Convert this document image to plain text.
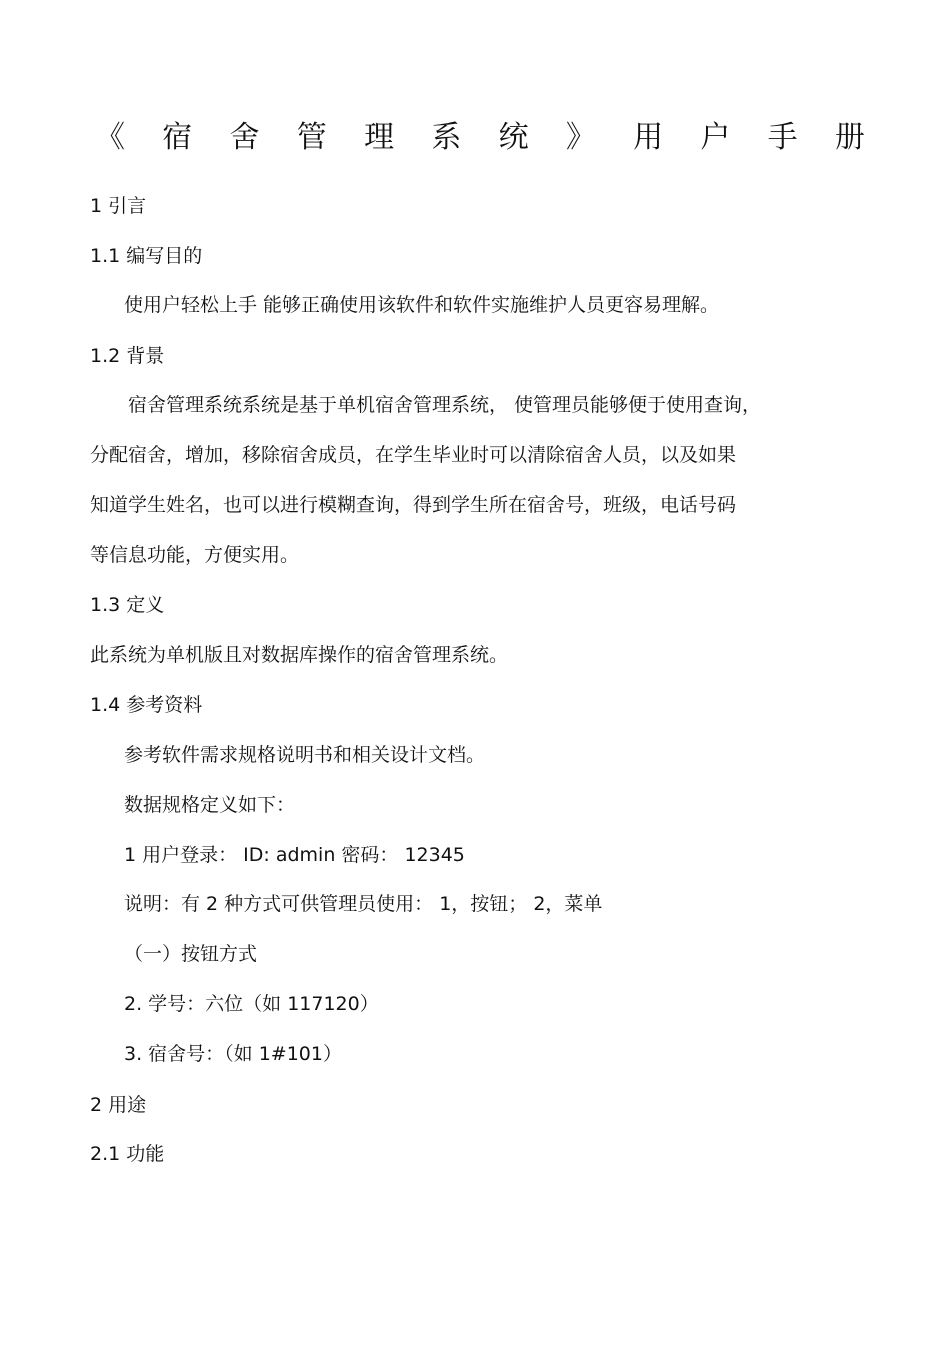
《 宿 舍 管 理 系 统 》 用 户 手 册
1 引言
1.1 编写目的
使用户轻松上手 能够正确使用该软件和软件实施维护人员更容易理解。
1.2 背景
宿舍管理系统系统是基于单机宿舍管理系统， 使管理员能够便于使用查询，
分配宿舍，增加，移除宿舍成员，在学生毕业时可以清除宿舍人员，以及如果
知道学生姓名，也可以进行模糊查询，得到学生所在宿舍号，班级，电话号码
等信息功能，方便实用。
1.3 定义
此系统为单机版且对数据库操作的宿舍管理系统。
1.4 参考资料
参考软件需求规格说明书和相关设计文档。
数据规格定义如下：
1 用户登录： ID: admin 密码： 12345
说明：有 2 种方式可供管理员使用： 1，按钮； 2，菜单
（一）按钮方式
2. 学号：六位（如 117120）
3. 宿舍号：（如 1#101）
2 用途
2.1 功能
